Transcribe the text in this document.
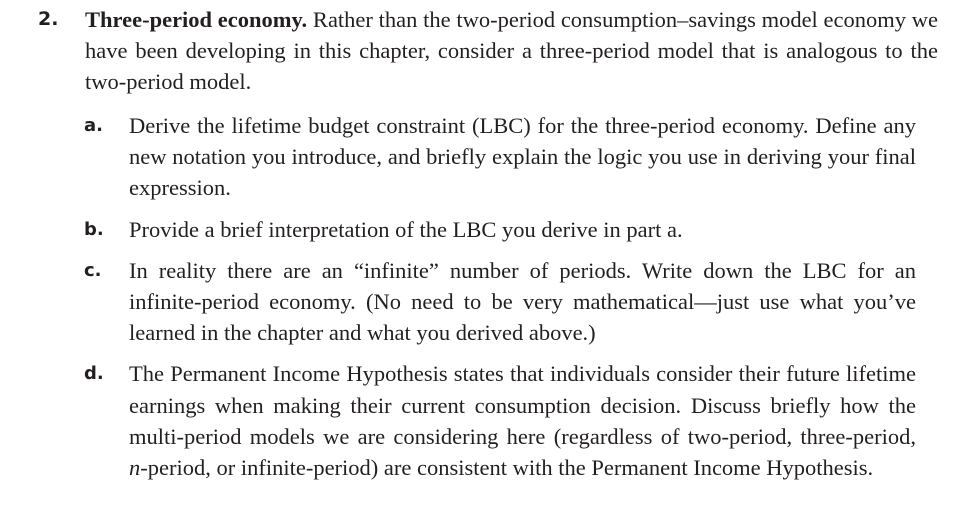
2. Three-period economy. Rather than the two-period consumption–savings model economy we have been developing in this chapter, consider a three-period model that is analogous to the two-period model.
a. Derive the lifetime budget constraint (LBC) for the three-period economy. Define any new notation you introduce, and briefly explain the logic you use in deriving your final expression.
b. Provide a brief interpretation of the LBC you derive in part a.
c. In reality there are an “infinite” number of periods. Write down the LBC for an infinite-period economy. (No need to be very mathematical—just use what you’ve learned in the chapter and what you derived above.)
d. The Permanent Income Hypothesis states that individuals consider their future lifetime earnings when making their current consumption decision. Discuss briefly how the multi-period models we are considering here (regardless of two-period, three-period, n-period, or infinite-period) are consistent with the Permanent Income Hypothesis.
